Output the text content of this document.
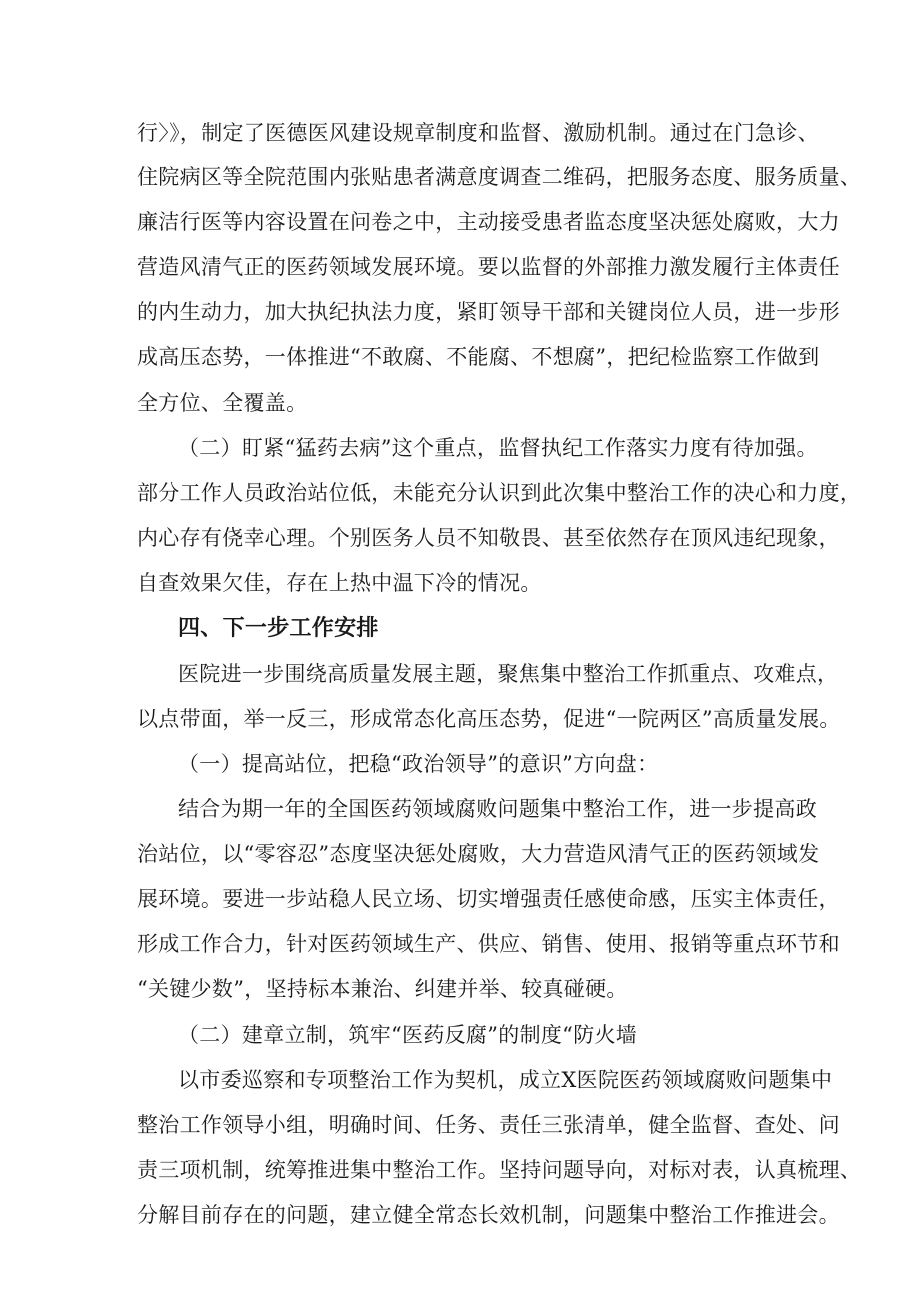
行〉》，制定了医德医风建设规章制度和监督、激励机制。通过在门急诊、
住院病区等全院范围内张贴患者满意度调查二维码，把服务态度、服务质量、
廉洁行医等内容设置在问卷之中，主动接受患者监态度坚决惩处腐败，大力
营造风清气正的医药领域发展环境。要以监督的外部推力激发履行主体责任
的内生动力，加大执纪执法力度，紧盯领导干部和关键岗位人员，进一步形
成高压态势，一体推进“不敢腐、不能腐、不想腐”，把纪检监察工作做到
全方位、全覆盖。
（二）盯紧“猛药去病”这个重点，监督执纪工作落实力度有待加强。
部分工作人员政治站位低，未能充分认识到此次集中整治工作的决心和力度，
内心存有侥幸心理。个别医务人员不知敬畏、甚至依然存在顶风违纪现象，
自查效果欠佳，存在上热中温下冷的情况。
四、下一步工作安排
医院进一步围绕高质量发展主题，聚焦集中整治工作抓重点、攻难点，
以点带面，举一反三，形成常态化高压态势，促进“一院两区”高质量发展。
（一）提高站位，把稳“政治领导”的意识”方向盘：
结合为期一年的全国医药领域腐败问题集中整治工作，进一步提高政
治站位，以“零容忍”态度坚决惩处腐败，大力营造风清气正的医药领域发
展环境。要进一步站稳人民立场、切实增强责任感使命感，压实主体责任，
形成工作合力，针对医药领域生产、供应、销售、使用、报销等重点环节和
“关键少数”，坚持标本兼治、纠建并举、较真碰硬。
（二）建章立制，筑牢“医药反腐”的制度“防火墙
以市委巡察和专项整治工作为契机，成立X医院医药领域腐败问题集中
整治工作领导小组，明确时间、任务、责任三张清单，健全监督、查处、问
责三项机制，统筹推进集中整治工作。坚持问题导向，对标对表，认真梳理、
分解目前存在的问题，建立健全常态长效机制，问题集中整治工作推进会。
